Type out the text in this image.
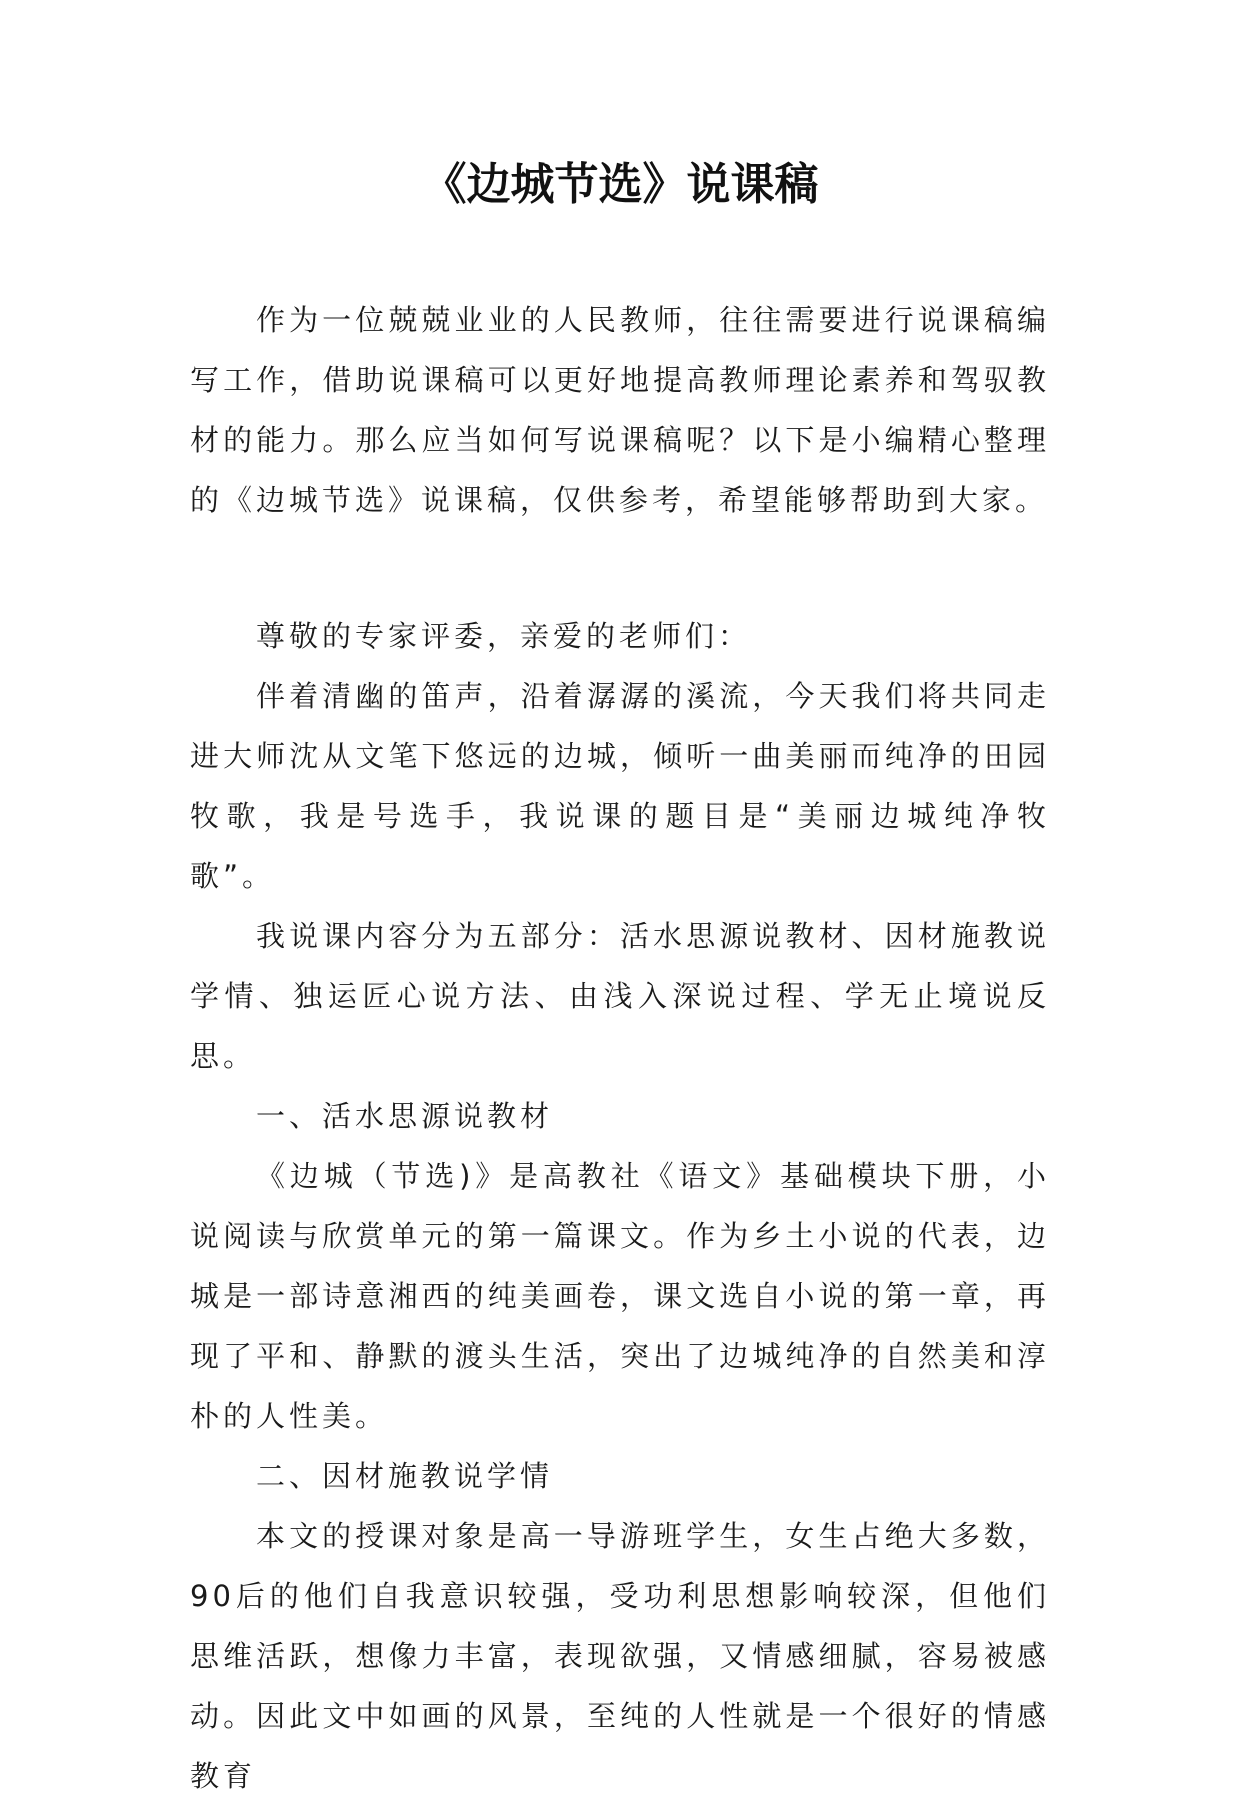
《边城节选》说课稿

作为一位兢兢业业的人民教师，往往需要进行说课稿编写工作，借助说课稿可以更好地提高教师理论素养和驾驭教材的能力。那么应当如何写说课稿呢？以下是小编精心整理的《边城节选》说课稿，仅供参考，希望能够帮助到大家。

尊敬的专家评委，亲爱的老师们：

伴着清幽的笛声，沿着潺潺的溪流，今天我们将共同走进大师沈从文笔下悠远的边城，倾听一曲美丽而纯净的田园牧歌，我是号选手，我说课的题目是“美丽边城纯净牧歌”。

我说课内容分为五部分：活水思源说教材、因材施教说学情、独运匠心说方法、由浅入深说过程、学无止境说反思。

一、活水思源说教材

《边城（节选)》是高教社《语文》基础模块下册，小说阅读与欣赏单元的第一篇课文。作为乡土小说的代表，边城是一部诗意湘西的纯美画卷，课文选自小说的第一章，再现了平和、静默的渡头生活，突出了边城纯净的自然美和淳朴的人性美。

二、因材施教说学情

本文的授课对象是高一导游班学生，女生占绝大多数，90后的他们自我意识较强，受功利思想影响较深，但他们思维活跃，想像力丰富，表现欲强，又情感细腻，容易被感动。因此文中如画的风景，至纯的人性就是一个很好的情感教育
